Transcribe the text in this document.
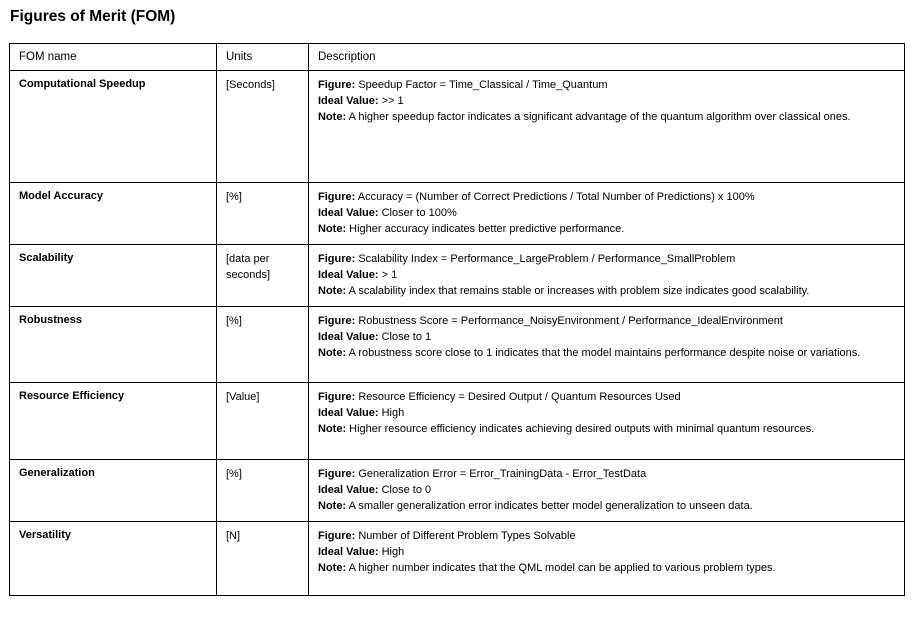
Figures of Merit (FOM)
FOM name	Units	Description
Computational Speedup	[Seconds]	Figure: Speedup Factor = Time_Classical / Time_Quantum
Ideal Value: >> 1
Note: A higher speedup factor indicates a significant advantage of the quantum algorithm over classical ones.

Model Accuracy	[%]	Figure: Accuracy = (Number of Correct Predictions / Total Number of Predictions) x 100%
Ideal Value: Closer to 100%
Note: Higher accuracy indicates better predictive performance.

Scalability	[data per seconds]	Figure: Scalability Index = Performance_LargeProblem / Performance_SmallProblem
Ideal Value: > 1
Note: A scalability index that remains stable or increases with problem size indicates good scalability.

Robustness	[%]	Figure: Robustness Score = Performance_NoisyEnvironment / Performance_IdealEnvironment
Ideal Value: Close to 1
Note: A robustness score close to 1 indicates that the model maintains performance despite noise or variations.

Resource Efficiency	[Value]	Figure: Resource Efficiency = Desired Output / Quantum Resources Used
Ideal Value: High
Note: Higher resource efficiency indicates achieving desired outputs with minimal quantum resources.

Generalization	[%]	Figure: Generalization Error = Error_TrainingData - Error_TestData
Ideal Value: Close to 0
Note: A smaller generalization error indicates better model generalization to unseen data.

Versatility	[N]	Figure: Number of Different Problem Types Solvable
Ideal Value: High
Note: A higher number indicates that the QML model can be applied to various problem types.
